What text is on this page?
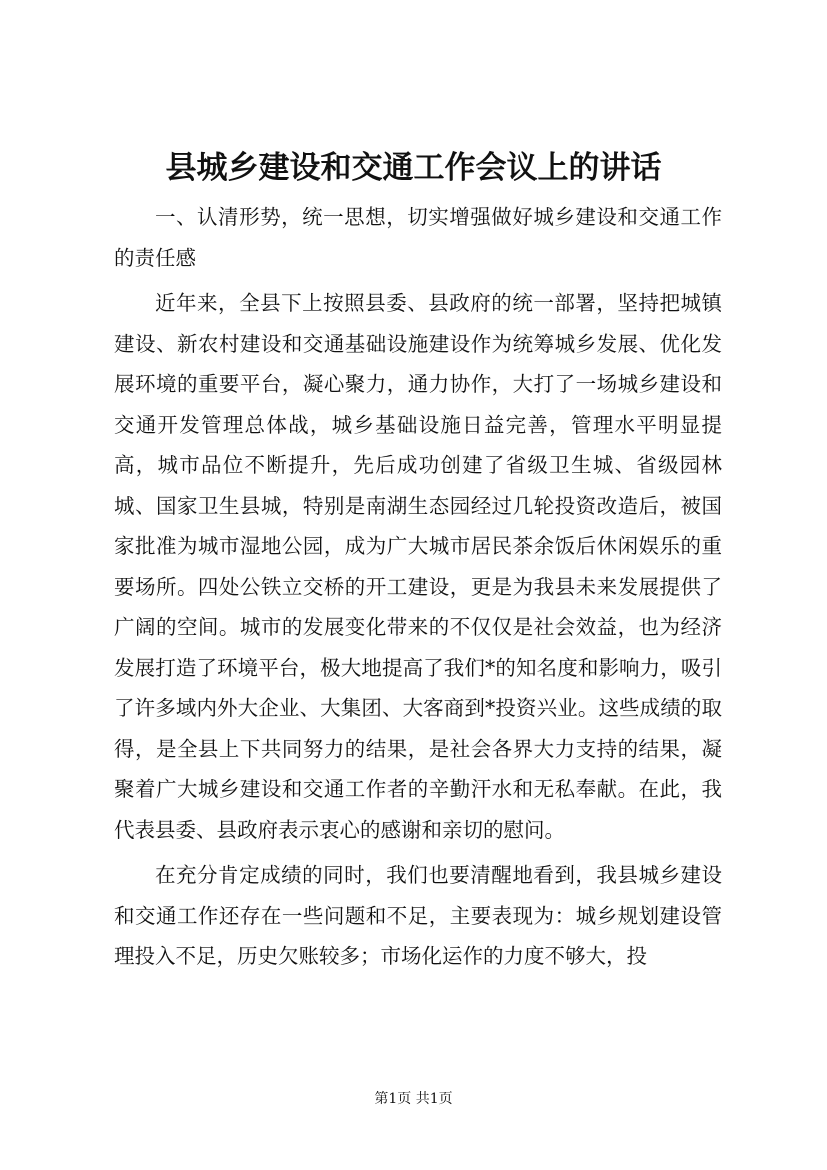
县城乡建设和交通工作会议上的讲话

一、认清形势，统一思想，切实增强做好城乡建设和交通工作的责任感

近年来，全县下上按照县委、县政府的统一部署，坚持把城镇建设、新农村建设和交通基础设施建设作为统筹城乡发展、优化发展环境的重要平台，凝心聚力，通力协作，大打了一场城乡建设和交通开发管理总体战，城乡基础设施日益完善，管理水平明显提高，城市品位不断提升，先后成功创建了省级卫生城、省级园林城、国家卫生县城，特别是南湖生态园经过几轮投资改造后，被国家批准为城市湿地公园，成为广大城市居民茶余饭后休闲娱乐的重要场所。四处公铁立交桥的开工建设，更是为我县未来发展提供了广阔的空间。城市的发展变化带来的不仅仅是社会效益，也为经济发展打造了环境平台，极大地提高了我们*的知名度和影响力，吸引了许多域内外大企业、大集团、大客商到*投资兴业。这些成绩的取得，是全县上下共同努力的结果，是社会各界大力支持的结果，凝聚着广大城乡建设和交通工作者的辛勤汗水和无私奉献。在此，我代表县委、县政府表示衷心的感谢和亲切的慰问。

在充分肯定成绩的同时，我们也要清醒地看到，我县城乡建设和交通工作还存在一些问题和不足，主要表现为：城乡规划建设管理投入不足，历史欠账较多；市场化运作的力度不够大，投

第1页 共1页
